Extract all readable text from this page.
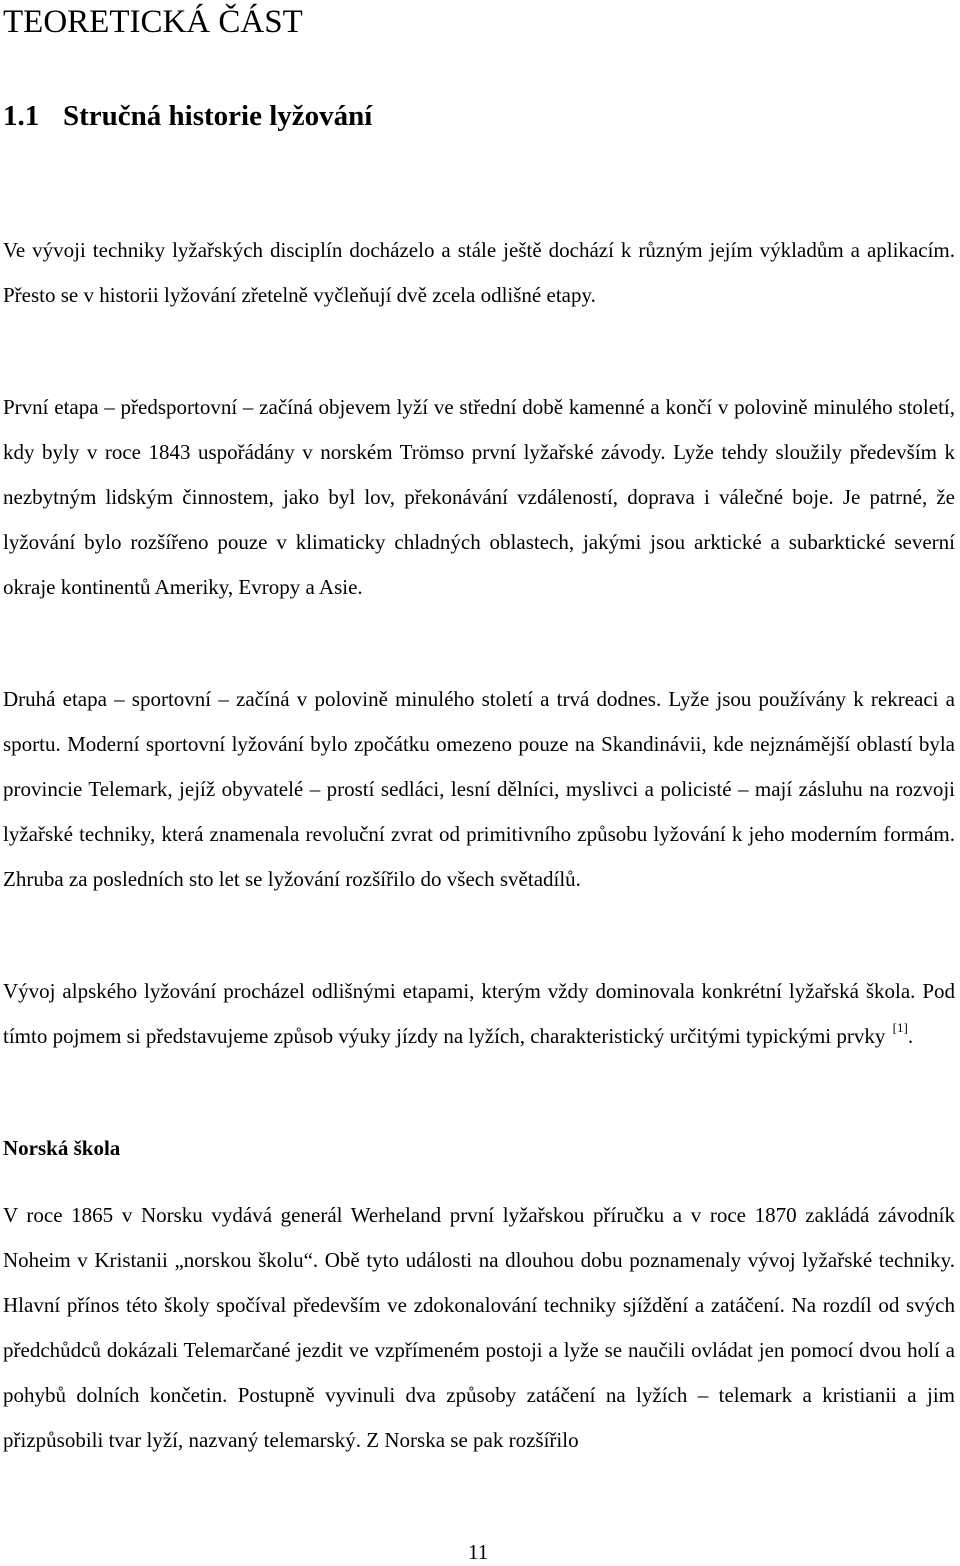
TEORETICKÁ ČÁST
1.1 Stručná historie lyžování

Ve vývoji techniky lyžařských disciplín docházelo a stále ještě dochází k různým jejím výkladům a aplikacím. Přesto se v historii lyžování zřetelně vyčleňují dvě zcela odlišné etapy.

První etapa – předsportovní – začíná objevem lyží ve střední době kamenné a končí v polovině minulého století, kdy byly v roce 1843 uspořádány v norském Trömso první lyžařské závody. Lyže tehdy sloužily především k nezbytným lidským činnostem, jako byl lov, překonávání vzdáleností, doprava i válečné boje. Je patrné, že lyžování bylo rozšířeno pouze v klimaticky chladných oblastech, jakými jsou arktické a subarktické severní okraje kontinentů Ameriky, Evropy a Asie.

Druhá etapa – sportovní – začíná v polovině minulého století a trvá dodnes. Lyže jsou používány k rekreaci a sportu. Moderní sportovní lyžování bylo zpočátku omezeno pouze na Skandinávii, kde nejznámější oblastí byla provincie Telemark, jejíž obyvatelé – prostí sedláci, lesní dělníci, myslivci a policisté – mají zásluhu na rozvoji lyžařské techniky, která znamenala revoluční zvrat od primitivního způsobu lyžování k jeho moderním formám. Zhruba za posledních sto let se lyžování rozšířilo do všech světadílů.

Vývoj alpského lyžování procházel odlišnými etapami, kterým vždy dominovala konkrétní lyžařská škola. Pod tímto pojmem si představujeme způsob výuky jízdy na lyžích, charakteristický určitými typickými prvky [1].

Norská škola

V roce 1865 v Norsku vydává generál Werheland první lyžařskou příručku a v roce 1870 zakládá závodník Noheim v Kristanii „norskou školu“. Obě tyto události na dlouhou dobu poznamenaly vývoj lyžařské techniky. Hlavní přínos této školy spočíval především ve zdokonalování techniky sjíždění a zatáčení. Na rozdíl od svých předchůdců dokázali Telemarčané jezdit ve vzpřímeném postoji a lyže se naučili ovládat jen pomocí dvou holí a pohybů dolních končetin. Postupně vyvinuli dva způsoby zatáčení na lyžích – telemark a kristianii a jim přizpůsobili tvar lyží, nazvaný telemarský. Z Norska se pak rozšířilo

11
